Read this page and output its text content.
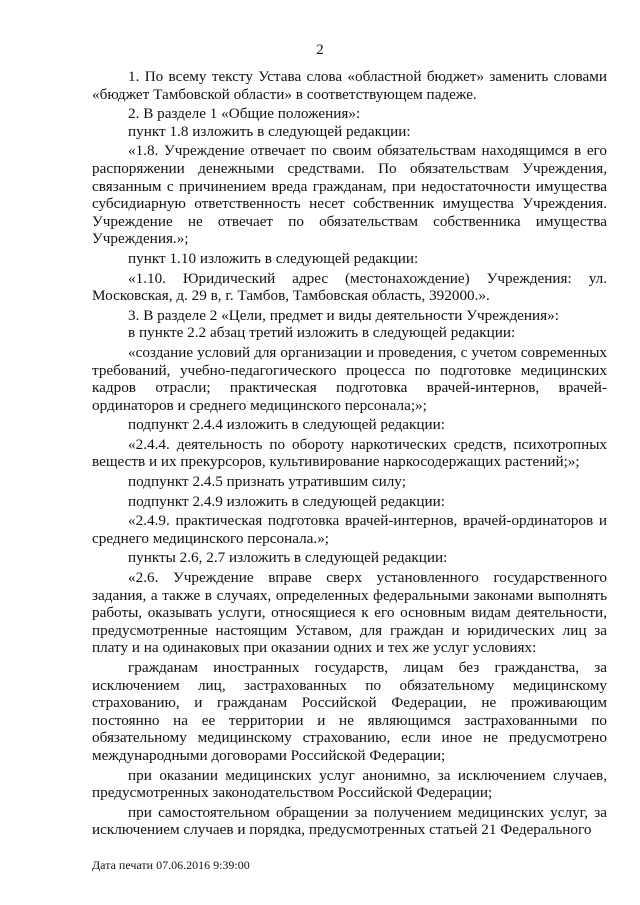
2

1. По всему тексту Устава слова «областной бюджет» заменить словами «бюджет Тамбовской области» в соответствующем падеже.

2. В разделе 1 «Общие положения»:

пункт 1.8 изложить в следующей редакции:

«1.8. Учреждение отвечает по своим обязательствам находящимся в его распоряжении денежными средствами. По обязательствам Учреждения, связанным с причинением вреда гражданам, при недостаточности имущества субсидиарную ответственность несет собственник имущества Учреждения. Учреждение не отвечает по обязательствам собственника имущества Учреждения.»;

пункт 1.10 изложить в следующей редакции:

«1.10. Юридический адрес (местонахождение) Учреждения: ул. Московская, д. 29 в, г. Тамбов, Тамбовская область, 392000.».

3. В разделе 2 «Цели, предмет и виды деятельности Учреждения»:

в пункте 2.2 абзац третий изложить в следующей редакции:

«создание условий для организации и проведения, с учетом современных требований, учебно-педагогического процесса по подготовке медицинских кадров отрасли; практическая подготовка врачей-интернов, врачей-ординаторов и среднего медицинского персонала;»;

подпункт 2.4.4 изложить в следующей редакции:

«2.4.4. деятельность по обороту наркотических средств, психотропных веществ и их прекурсоров, культивирование наркосодержащих растений;»;

подпункт 2.4.5 признать утратившим силу;

подпункт 2.4.9 изложить в следующей редакции:

«2.4.9. практическая подготовка врачей-интернов, врачей-ординаторов и среднего медицинского персонала.»;

пункты 2.6, 2.7 изложить в следующей редакции:

«2.6. Учреждение вправе сверх установленного государственного задания, а также в случаях, определенных федеральными законами выполнять работы, оказывать услуги, относящиеся к его основным видам деятельности, предусмотренные настоящим Уставом, для граждан и юридических лиц за плату и на одинаковых при оказании одних и тех же услуг условиях:

гражданам иностранных государств, лицам без гражданства, за исключением лиц, застрахованных по обязательному медицинскому страхованию, и гражданам Российской Федерации, не проживающим постоянно на ее территории и не являющимся застрахованными по обязательному медицинскому страхованию, если иное не предусмотрено международными договорами Российской Федерации;

при оказании медицинских услуг анонимно, за исключением случаев, предусмотренных законодательством Российской Федерации;

при самостоятельном обращении за получением медицинских услуг, за исключением случаев и порядка, предусмотренных статьей 21 Федерального

Дата печати 07.06.2016 9:39:00
